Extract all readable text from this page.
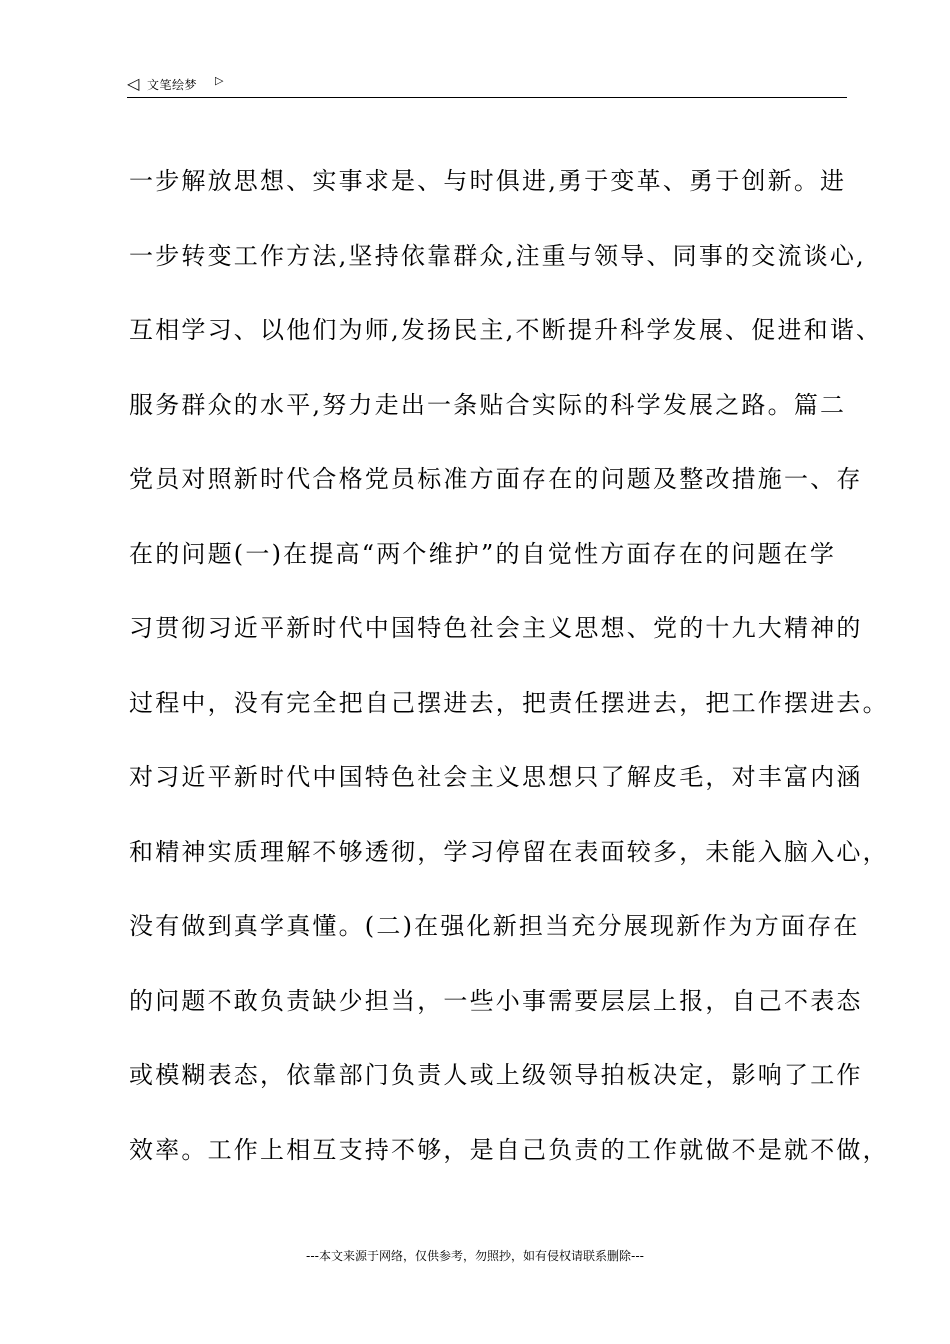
◁ 文笔绘梦 ▷
一步解放思想、实事求是、与时俱进,勇于变革、勇于创新。进
一步转变工作方法,坚持依靠群众,注重与领导、同事的交流谈心,
互相学习、以他们为师,发扬民主,不断提升科学发展、促进和谐、
服务群众的水平,努力走出一条贴合实际的科学发展之路。篇二
党员对照新时代合格党员标准方面存在的问题及整改措施一、存
在的问题(一)在提高“两个维护”的自觉性方面存在的问题在学
习贯彻习近平新时代中国特色社会主义思想、党的十九大精神的
过程中，没有完全把自己摆进去，把责任摆进去，把工作摆进去。
对习近平新时代中国特色社会主义思想只了解皮毛，对丰富内涵
和精神实质理解不够透彻，学习停留在表面较多，未能入脑入心，
没有做到真学真懂。(二)在强化新担当充分展现新作为方面存在
的问题不敢负责缺少担当，一些小事需要层层上报，自己不表态
或模糊表态，依靠部门负责人或上级领导拍板决定，影响了工作
效率。工作上相互支持不够，是自己负责的工作就做不是就不做，
---本文来源于网络，仅供参考，勿照抄，如有侵权请联系删除---
